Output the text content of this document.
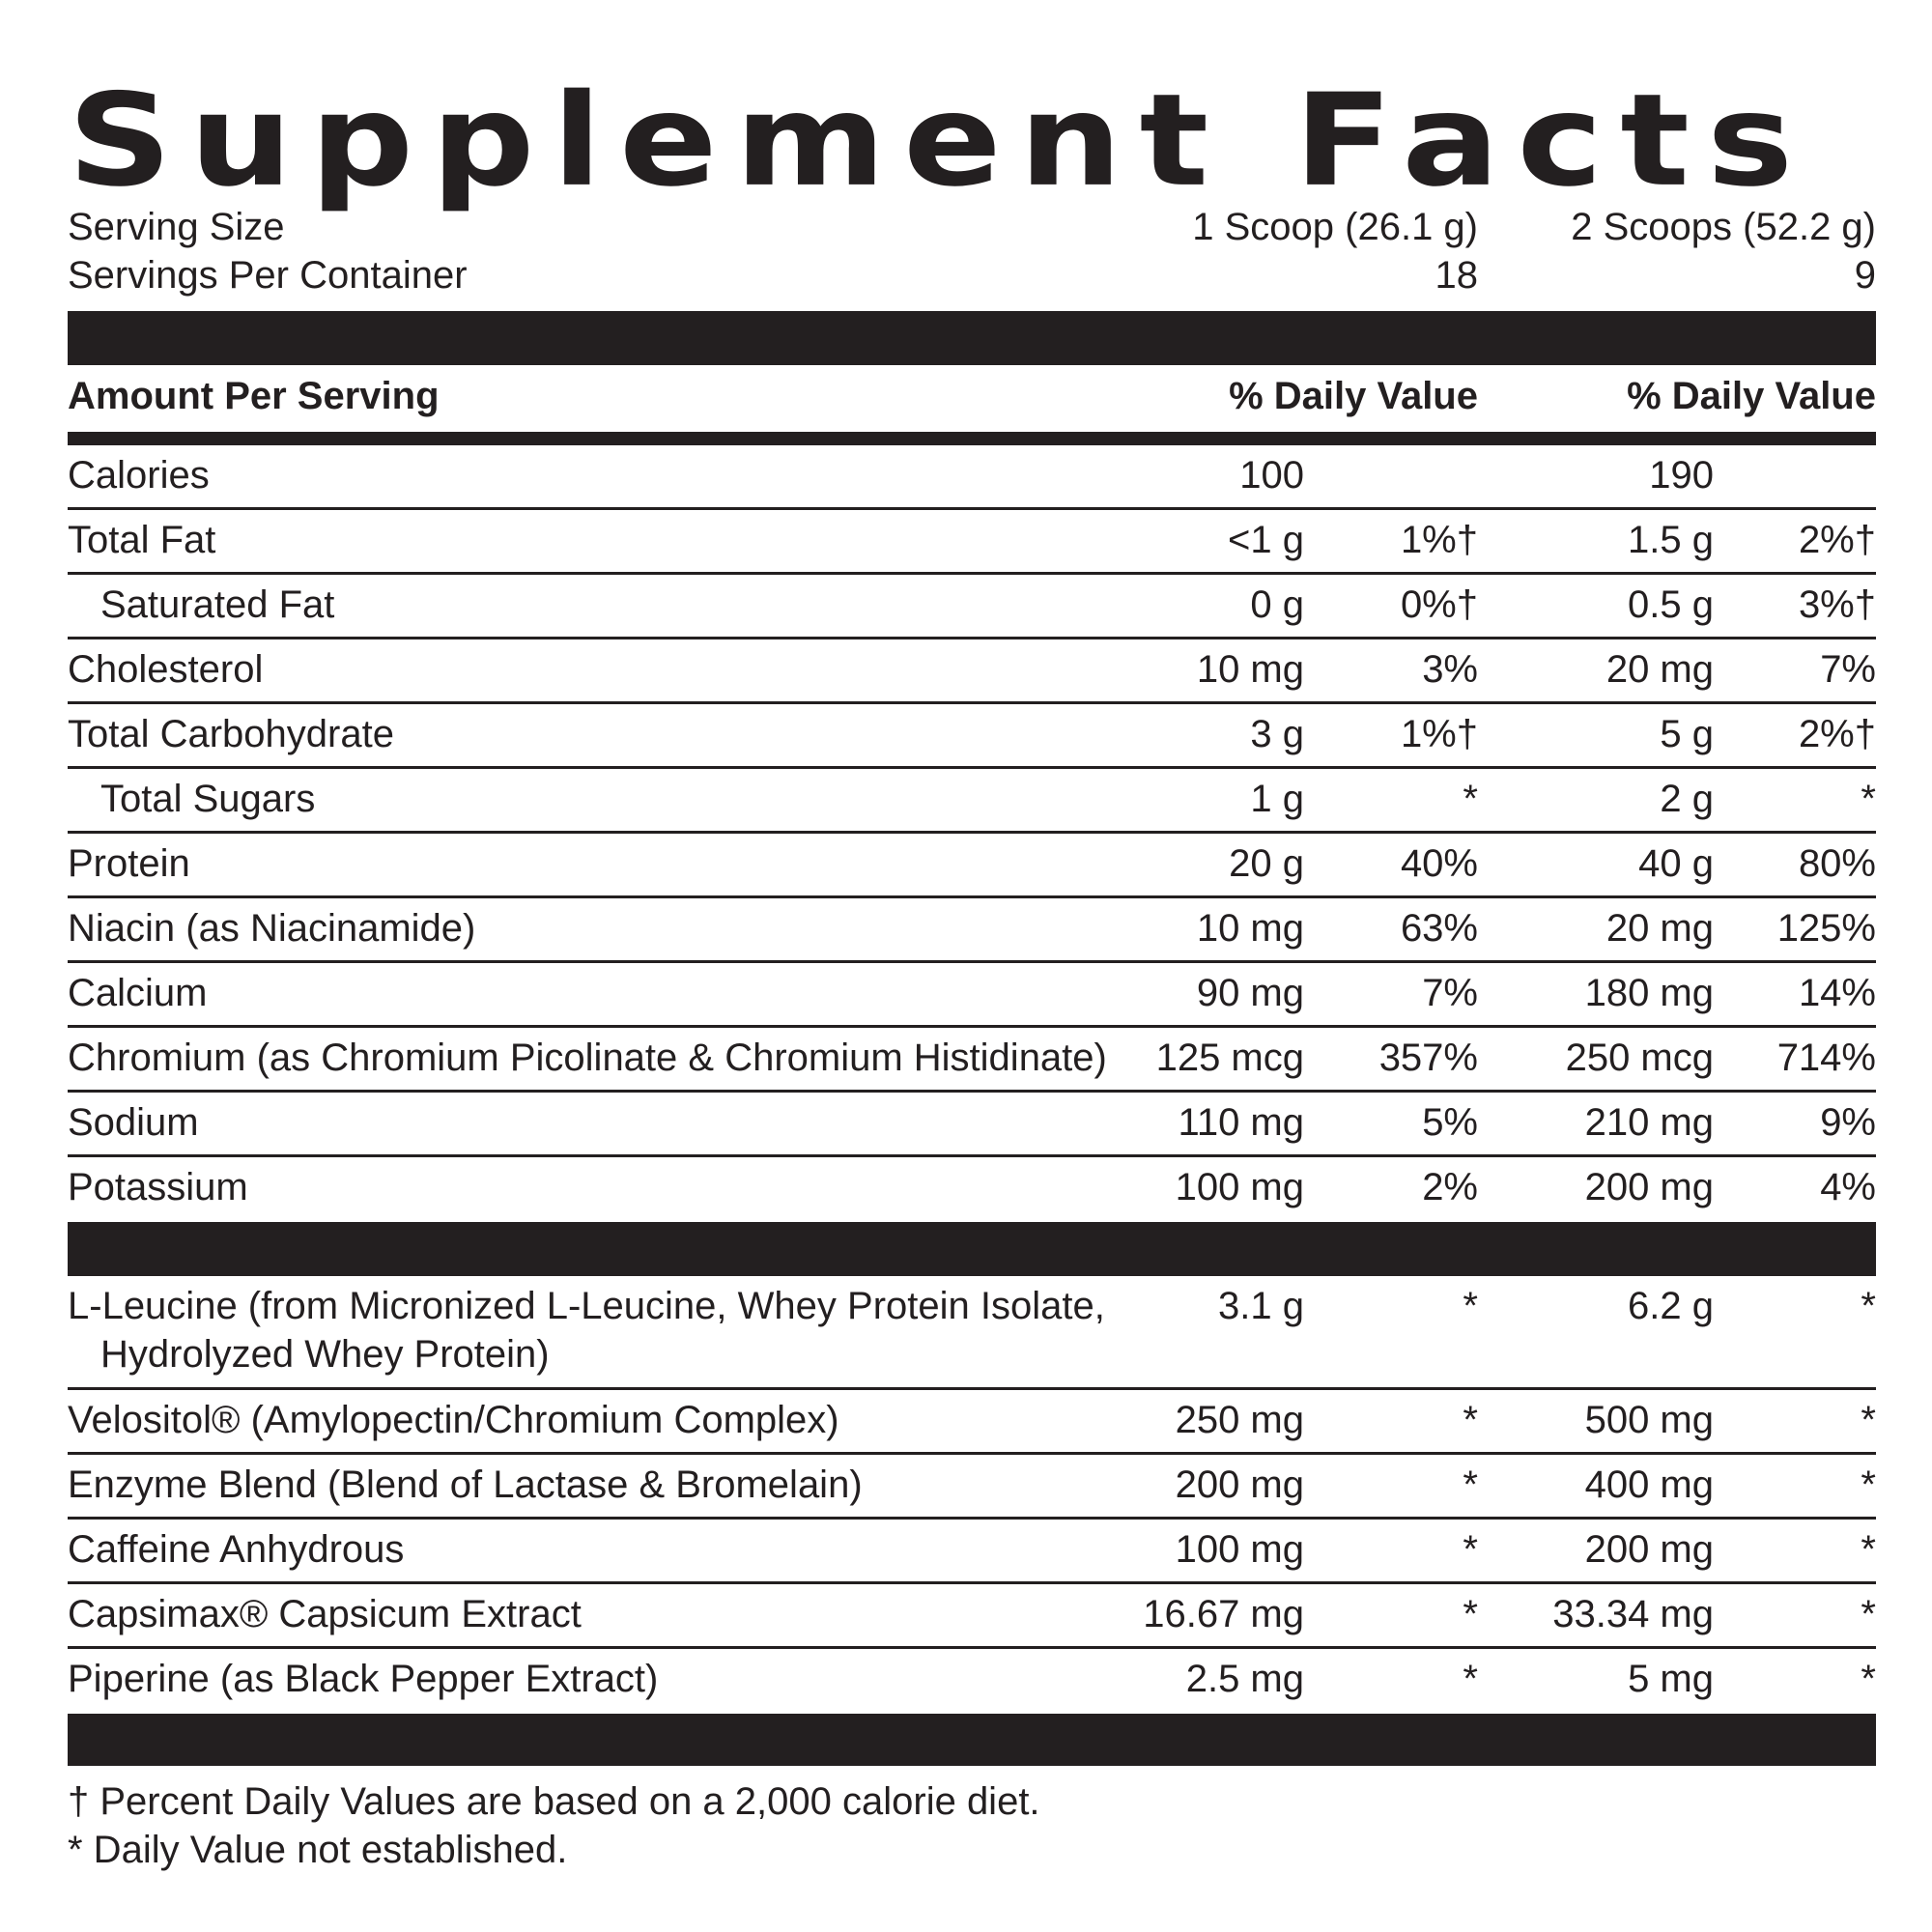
Supplement Facts
Serving Size	1 Scoop (26.1 g) 2 Scoops (52.2 g)
Servings Per Container	18	9
Amount Per Serving	% Daily Value	% Daily Value
Calories	100	190
Total Fat	<1 g 1%†	1.5 g 2%†
Saturated Fat	0 g 0%†	0.5 g 3%†
Cholesterol	10 mg	3%	20 mg	7%
Total Carbohydrate	3 g 1%†	5 g 2%†
Total Sugars	1 g	*	2 g	*
Protein	20 g 40%	40 g 80%
Niacin (as Niacinamide)	10 mg 63%	20 mg 125%
Calcium	90 mg	7%	180 mg 14%
Chromium (as Chromium Picolinate & Chromium Histidinate)	125 mcg 357% 250 mcg 714%
Sodium	110 mg	5%	210 mg	9%
Potassium	100 mg	2%	200 mg	4%
L-Leucine (from Micronized L-Leucine, Whey Protein Isolate,
Hydrolyzed Whey Protein)
3.1 g	*	6.2 g	*
Velositol® (Amylopectin/Chromium Complex)	250 mg	*	500 mg	*
Enzyme Blend (Blend of Lactase & Bromelain)	200 mg	*	400 mg	*
Caffeine Anhydrous	100 mg	*	200 mg	*
Capsimax® Capsicum Extract	16.67 mg	* 33.34 mg	*
Piperine (as Black Pepper Extract)	2.5 mg	*	5 mg	*
† Percent Daily Values are based on a 2,000 calorie diet.
* Daily Value not established.
